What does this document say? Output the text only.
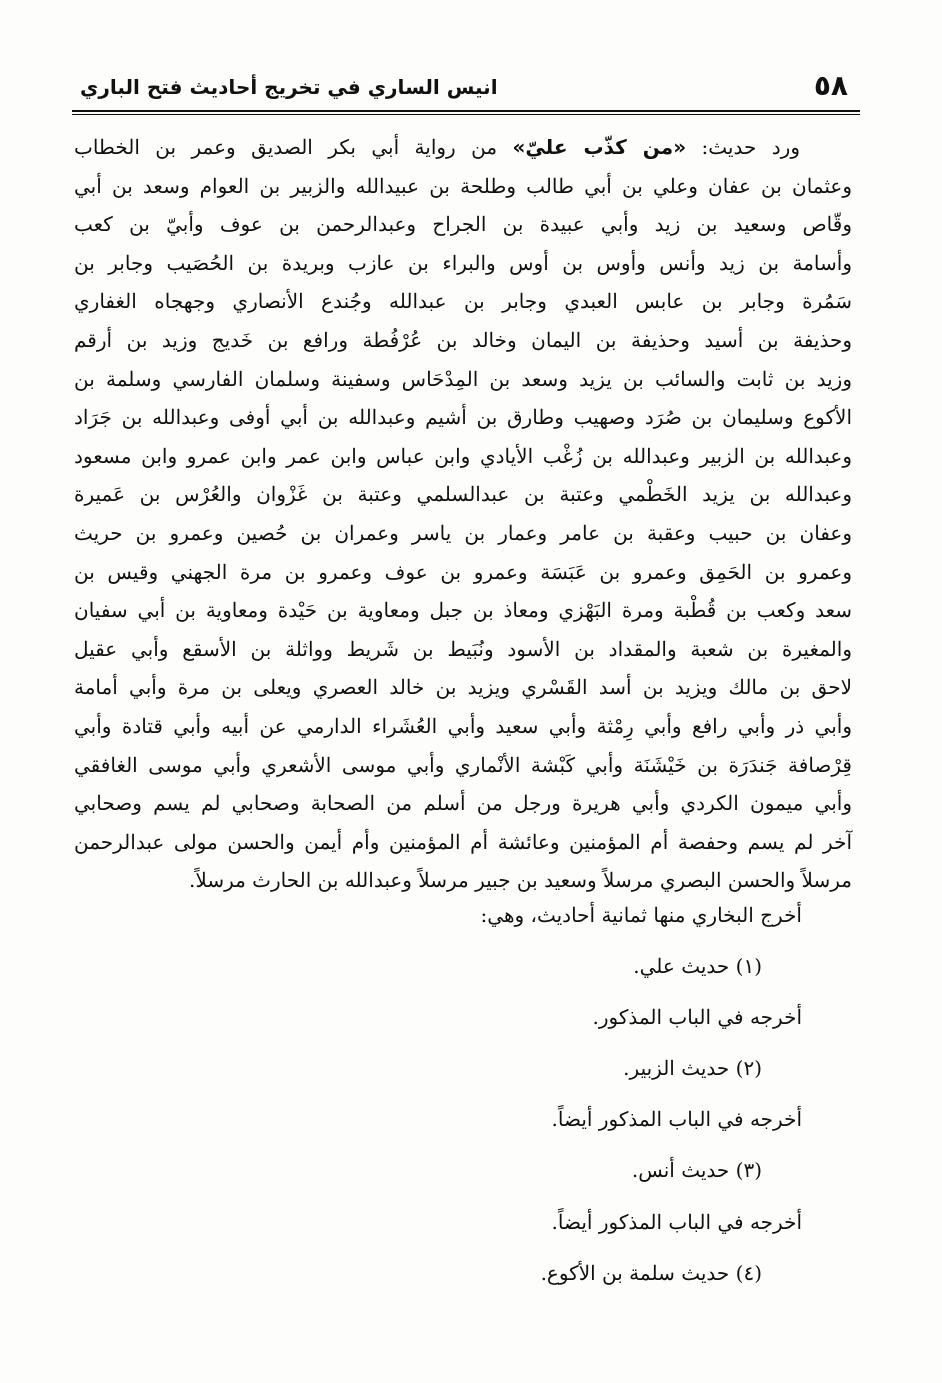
٥٨
انيس الساري في تخريج أحاديث فتح الباري
ورد حديث: «من كذّب عليّ» من رواية أبي بكر الصديق وعمر بن الخطاب
وعثمان بن عفان وعلي بن أبي طالب وطلحة بن عبيدالله والزبير بن العوام وسعد بن أبي
وقّاص وسعيد بن زيد وأبي عبيدة بن الجراح وعبدالرحمن بن عوف وأبيّ بن كعب
وأسامة بن زيد وأنس وأوس بن أوس والبراء بن عازب وبريدة بن الحُصَيب وجابر بن
سَمُرة وجابر بن عابس العبدي وجابر بن عبدالله وجُندع الأنصاري وجهجاه الغفاري
وحذيفة بن أسيد وحذيفة بن اليمان وخالد بن عُرْفُطة ورافع بن خَديج وزيد بن أرقم
وزيد بن ثابت والسائب بن يزيد وسعد بن المِدْحَاس وسفينة وسلمان الفارسي وسلمة بن
الأكوع وسليمان بن صُرَد وصهيب وطارق بن أشيم وعبدالله بن أبي أوفى وعبدالله بن جَرَاد
وعبدالله بن الزبير وعبدالله بن زُغْب الأيادي وابن عباس وابن عمر وابن عمرو وابن مسعود
وعبدالله بن يزيد الخَطْمي وعتبة بن عبدالسلمي وعتبة بن غَزْوان والعُرْس بن عَميرة
وعفان بن حبيب وعقبة بن عامر وعمار بن ياسر وعمران بن حُصين وعمرو بن حريث
وعمرو بن الحَمِق وعمرو بن عَبَسَة وعمرو بن عوف وعمرو بن مرة الجهني وقيس بن
سعد وكعب بن قُطْبة ومرة البَهْزي ومعاذ بن جبل ومعاوية بن حَيْدة ومعاوية بن أبي سفيان
والمغيرة بن شعبة والمقداد بن الأسود ونُبَيط بن شَريط وواثلة بن الأسقع وأبي عقيل
لاحق بن مالك ويزيد بن أسد القَسْري ويزيد بن خالد العصري ويعلى بن مرة وأبي أمامة
وأبي ذر وأبي رافع وأبي رِمْثة وأبي سعيد وأبي العُشَراء الدارمي عن أبيه وأبي قتادة وأبي
قِرْصافة جَندَرَة بن خَيْشَنَة وأبي كَبْشة الأنْماري وأبي موسى الأشعري وأبي موسى الغافقي
وأبي ميمون الكردي وأبي هريرة ورجل من أسلم من الصحابة وصحابي لم يسم وصحابي
آخر لم يسم وحفصة أم المؤمنين وعائشة أم المؤمنين وأم أيمن والحسن مولى عبدالرحمن
مرسلاً والحسن البصري مرسلاً وسعيد بن جبير مرسلاً وعبدالله بن الحارث مرسلاً.
أخرج البخاري منها ثمانية أحاديث، وهي:
(١) حديث علي.
أخرجه في الباب المذكور.
(٢) حديث الزبير.
أخرجه في الباب المذكور أيضاً.
(٣) حديث أنس.
أخرجه في الباب المذكور أيضاً.
(٤) حديث سلمة بن الأكوع.
